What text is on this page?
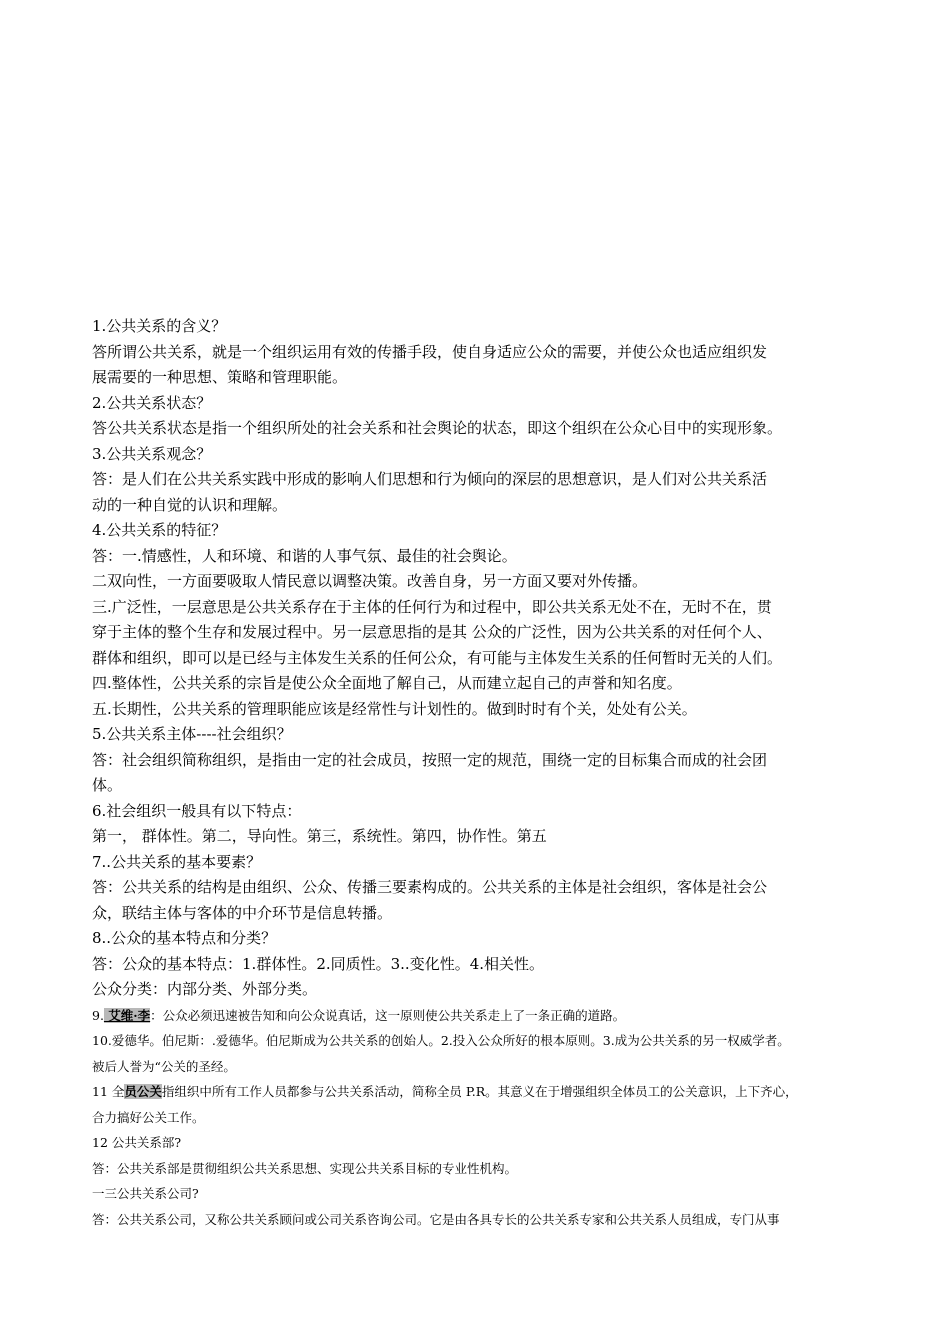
1.公共关系的含义？
答所谓公共关系，就是一个组织运用有效的传播手段，使自身适应公众的需要，并使公众也适应组织发
展需要的一种思想、策略和管理职能。
2.公共关系状态？
答公共关系状态是指一个组织所处的社会关系和社会舆论的状态，即这个组织在公众心目中的实现形象。
3.公共关系观念？
答：是人们在公共关系实践中形成的影响人们思想和行为倾向的深层的思想意识，是人们对公共关系活
动的一种自觉的认识和理解。
4.公共关系的特征？
答：一.情感性，人和环境、和谐的人事气氛、最佳的社会舆论。
二双向性，一方面要吸取人情民意以调整决策。改善自身，另一方面又要对外传播。
三.广泛性，一层意思是公共关系存在于主体的任何行为和过程中，即公共关系无处不在，无时不在，贯
穿于主体的整个生存和发展过程中。另一层意思指的是其 公众的广泛性，因为公共关系的对任何个人、
群体和组织，即可以是已经与主体发生关系的任何公众，有可能与主体发生关系的任何暂时无关的人们。
四.整体性，公共关系的宗旨是使公众全面地了解自己，从而建立起自己的声誉和知名度。
五.长期性，公共关系的管理职能应该是经常性与计划性的。做到时时有个关，处处有公关。
5.公共关系主体----社会组织？
答：社会组织简称组织，是指由一定的社会成员，按照一定的规范，围绕一定的目标集合而成的社会团
体。
6.社会组织一般具有以下特点：
第一， 群体性。第二，导向性。第三，系统性。第四，协作性。第五
7..公共关系的基本要素？
答：公共关系的结构是由组织、公众、传播三要素构成的。公共关系的主体是社会组织，客体是社会公
众，联结主体与客体的中介环节是信息转播。
8..公众的基本特点和分类？
答：公众的基本特点：1.群体性。2.同质性。3..变化性。4.相关性。
公众分类：内部分类、外部分类。
9. 艾维·李：公众必须迅速被告知和向公众说真话，这一原则使公共关系走上了一条正确的道路。
10.爱德华。伯尼斯：.爱德华。伯尼斯成为公共关系的创始人。2.投入公众所好的根本原则。3.成为公共关系的另一权威学者。
被后人誉为“公关的圣经。
11 全员公关指组织中所有工作人员都参与公共关系活动，简称全员 P.R。其意义在于增强组织全体员工的公关意识，上下齐心，
合力搞好公关工作。
12 公共关系部?
答：公共关系部是贯彻组织公共关系思想、实现公共关系目标的专业性机构。
一三公共关系公司?
答：公共关系公司，又称公共关系顾问或公司关系咨询公司。它是由各具专长的公共关系专家和公共关系人员组成，专门从事
